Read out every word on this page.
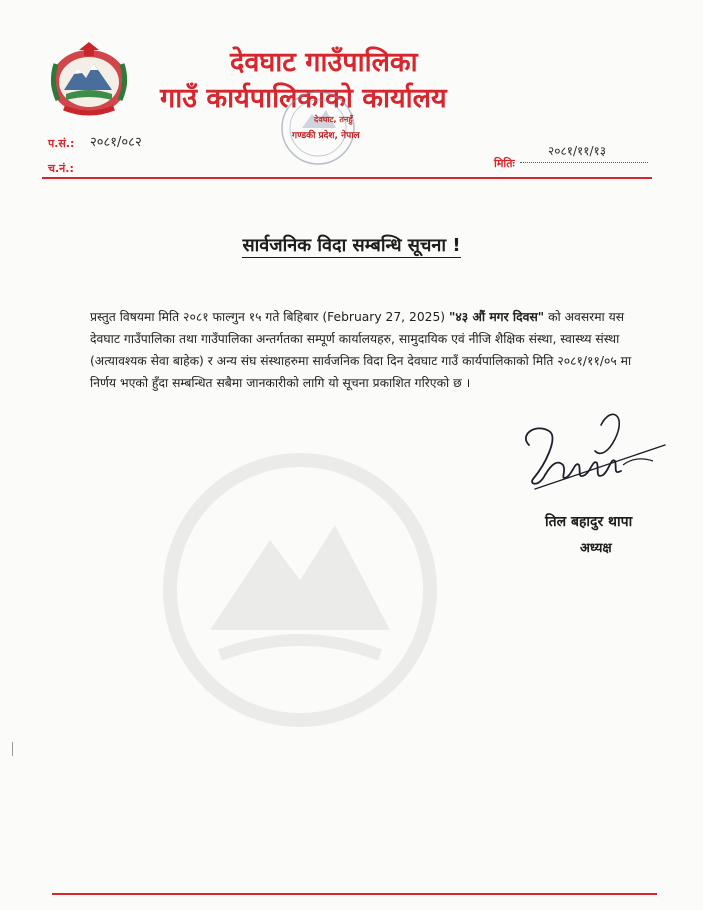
देवघाट गाउँपालिका
गाउँ कार्यपालिकाको कार्यालय
देवघाट, तनहुँ
गण्डकी प्रदेश, नेपाल
प.सं.: २०८१/०८२
च.नं.:
२०८१/११/१३
मितिः
सार्वजनिक विदा सम्बन्धि सूचना !
प्रस्तुत विषयमा मिति २०८१ फाल्गुन १५ गते बिहिबार (February 27, 2025) "४३ औं मगर दिवस" को अवसरमा यस देवघाट गाउँपालिका तथा गाउँपालिका अन्तर्गतका सम्पूर्ण कार्यालयहरु, सामुदायिक एवं नीजि शैक्षिक संस्था, स्वास्थ्य संस्था (अत्यावश्यक सेवा बाहेक) र अन्य संघ संस्थाहरुमा सार्वजनिक विदा दिन देवघाट गाउँ कार्यपालिकाको मिति २०८१/११/०५ मा निर्णय भएको हुँदा सम्बन्धित सबैमा जानकारीको लागि यो सूचना प्रकाशित गरिएको छ ।
तिल बहादुर थापा
अध्यक्ष
